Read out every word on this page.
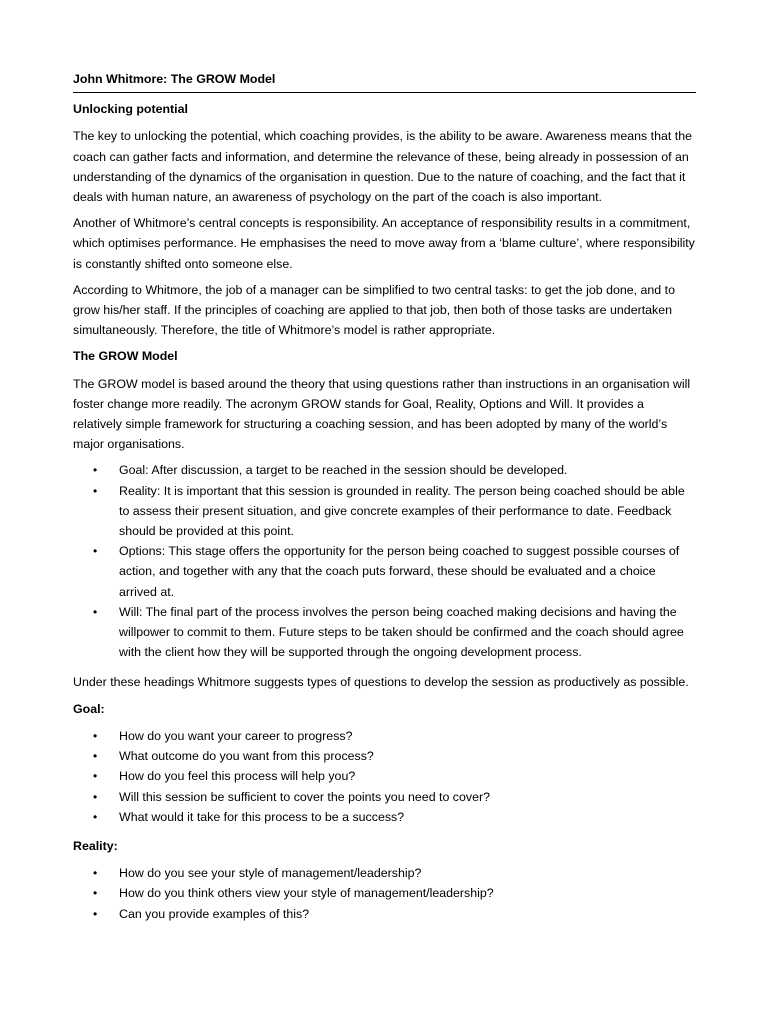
John Whitmore: The GROW Model
Unlocking potential

The key to unlocking the potential, which coaching provides, is the ability to be aware. Awareness means that the coach can gather facts and information, and determine the relevance of these, being already in possession of an understanding of the dynamics of the organisation in question. Due to the nature of coaching, and the fact that it deals with human nature, an awareness of psychology on the part of the coach is also important.

Another of Whitmore’s central concepts is responsibility. An acceptance of responsibility results in a commitment, which optimises performance. He emphasises the need to move away from a ‘blame culture’, where responsibility is constantly shifted onto someone else.

According to Whitmore, the job of a manager can be simplified to two central tasks: to get the job done, and to grow his/her staff. If the principles of coaching are applied to that job, then both of those tasks are undertaken simultaneously. Therefore, the title of Whitmore’s model is rather appropriate.

The GROW Model

The GROW model is based around the theory that using questions rather than instructions in an organisation will foster change more readily. The acronym GROW stands for Goal, Reality, Options and Will. It provides a relatively simple framework for structuring a coaching session, and has been adopted by many of the world’s major organisations.

• Goal: After discussion, a target to be reached in the session should be developed.
• Reality: It is important that this session is grounded in reality. The person being coached should be able to assess their present situation, and give concrete examples of their performance to date. Feedback should be provided at this point.
• Options: This stage offers the opportunity for the person being coached to suggest possible courses of action, and together with any that the coach puts forward, these should be evaluated and a choice arrived at.
• Will: The final part of the process involves the person being coached making decisions and having the willpower to commit to them. Future steps to be taken should be confirmed and the coach should agree with the client how they will be supported through the ongoing development process.

Under these headings Whitmore suggests types of questions to develop the session as productively as possible.

Goal:
• How do you want your career to progress?
• What outcome do you want from this process?
• How do you feel this process will help you?
• Will this session be sufficient to cover the points you need to cover?
• What would it take for this process to be a success?
Reality:
• How do you see your style of management/leadership?
• How do you think others view your style of management/leadership?
• Can you provide examples of this?
